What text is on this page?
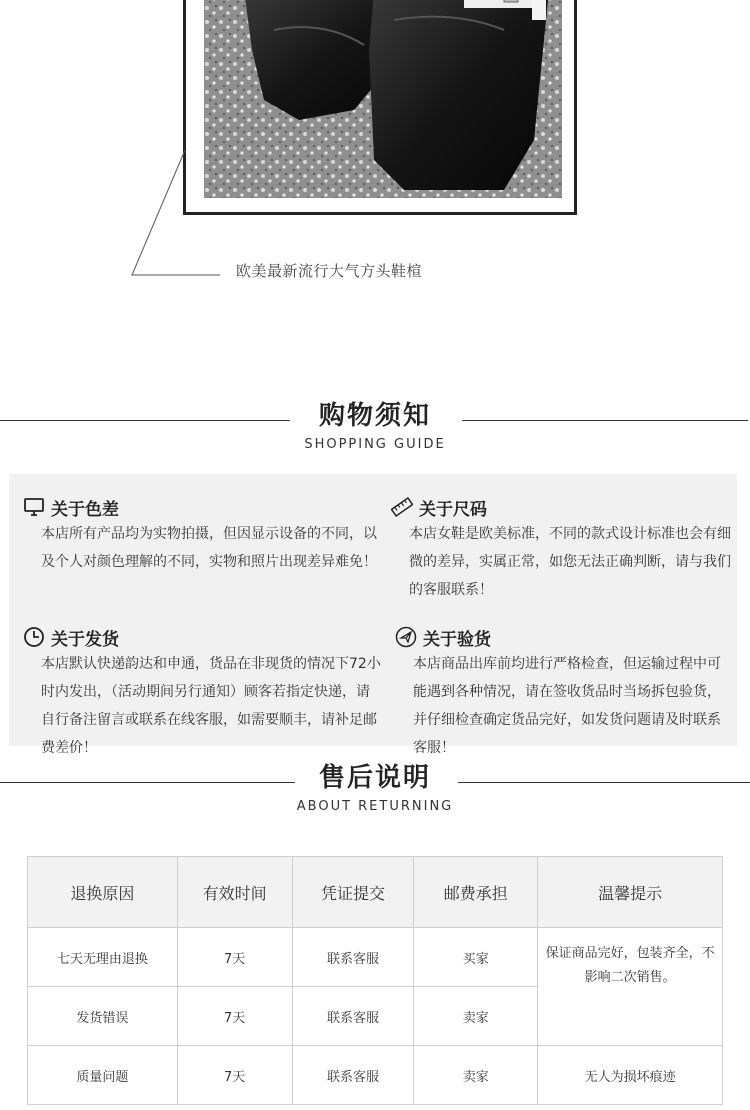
欧美最新流行大气方头鞋楦
购物须知
SHOPPING GUIDE
关于色差
本店所有产品均为实物拍摄，但因显示设备的不同，以及个人对颜色理解的不同，实物和照片出现差异难免！
关于尺码
本店女鞋是欧美标准，不同的款式设计标准也会有细微的差异，实属正常，如您无法正确判断，请与我们的客服联系！
关于发货
本店默认快递韵达和申通，货品在非现货的情况下72小时内发出，（活动期间另行通知）顾客若指定快递，请自行备注留言或联系在线客服，如需要顺丰，请补足邮费差价！
关于验货
本店商品出库前均进行严格检查，但运输过程中可能遇到各种情况，请在签收货品时当场拆包验货，并仔细检查确定货品完好，如发货问题请及时联系客服！
售后说明
ABOUT RETURNING
退换原因	有效时间	凭证提交	邮费承担	温馨提示
七天无理由退换	7天	联系客服	买家	保证商品完好，包装齐全，不影响二次销售。
发货错误	7天	联系客服	卖家	
质量问题	7天	联系客服	卖家	无人为损坏痕迹
